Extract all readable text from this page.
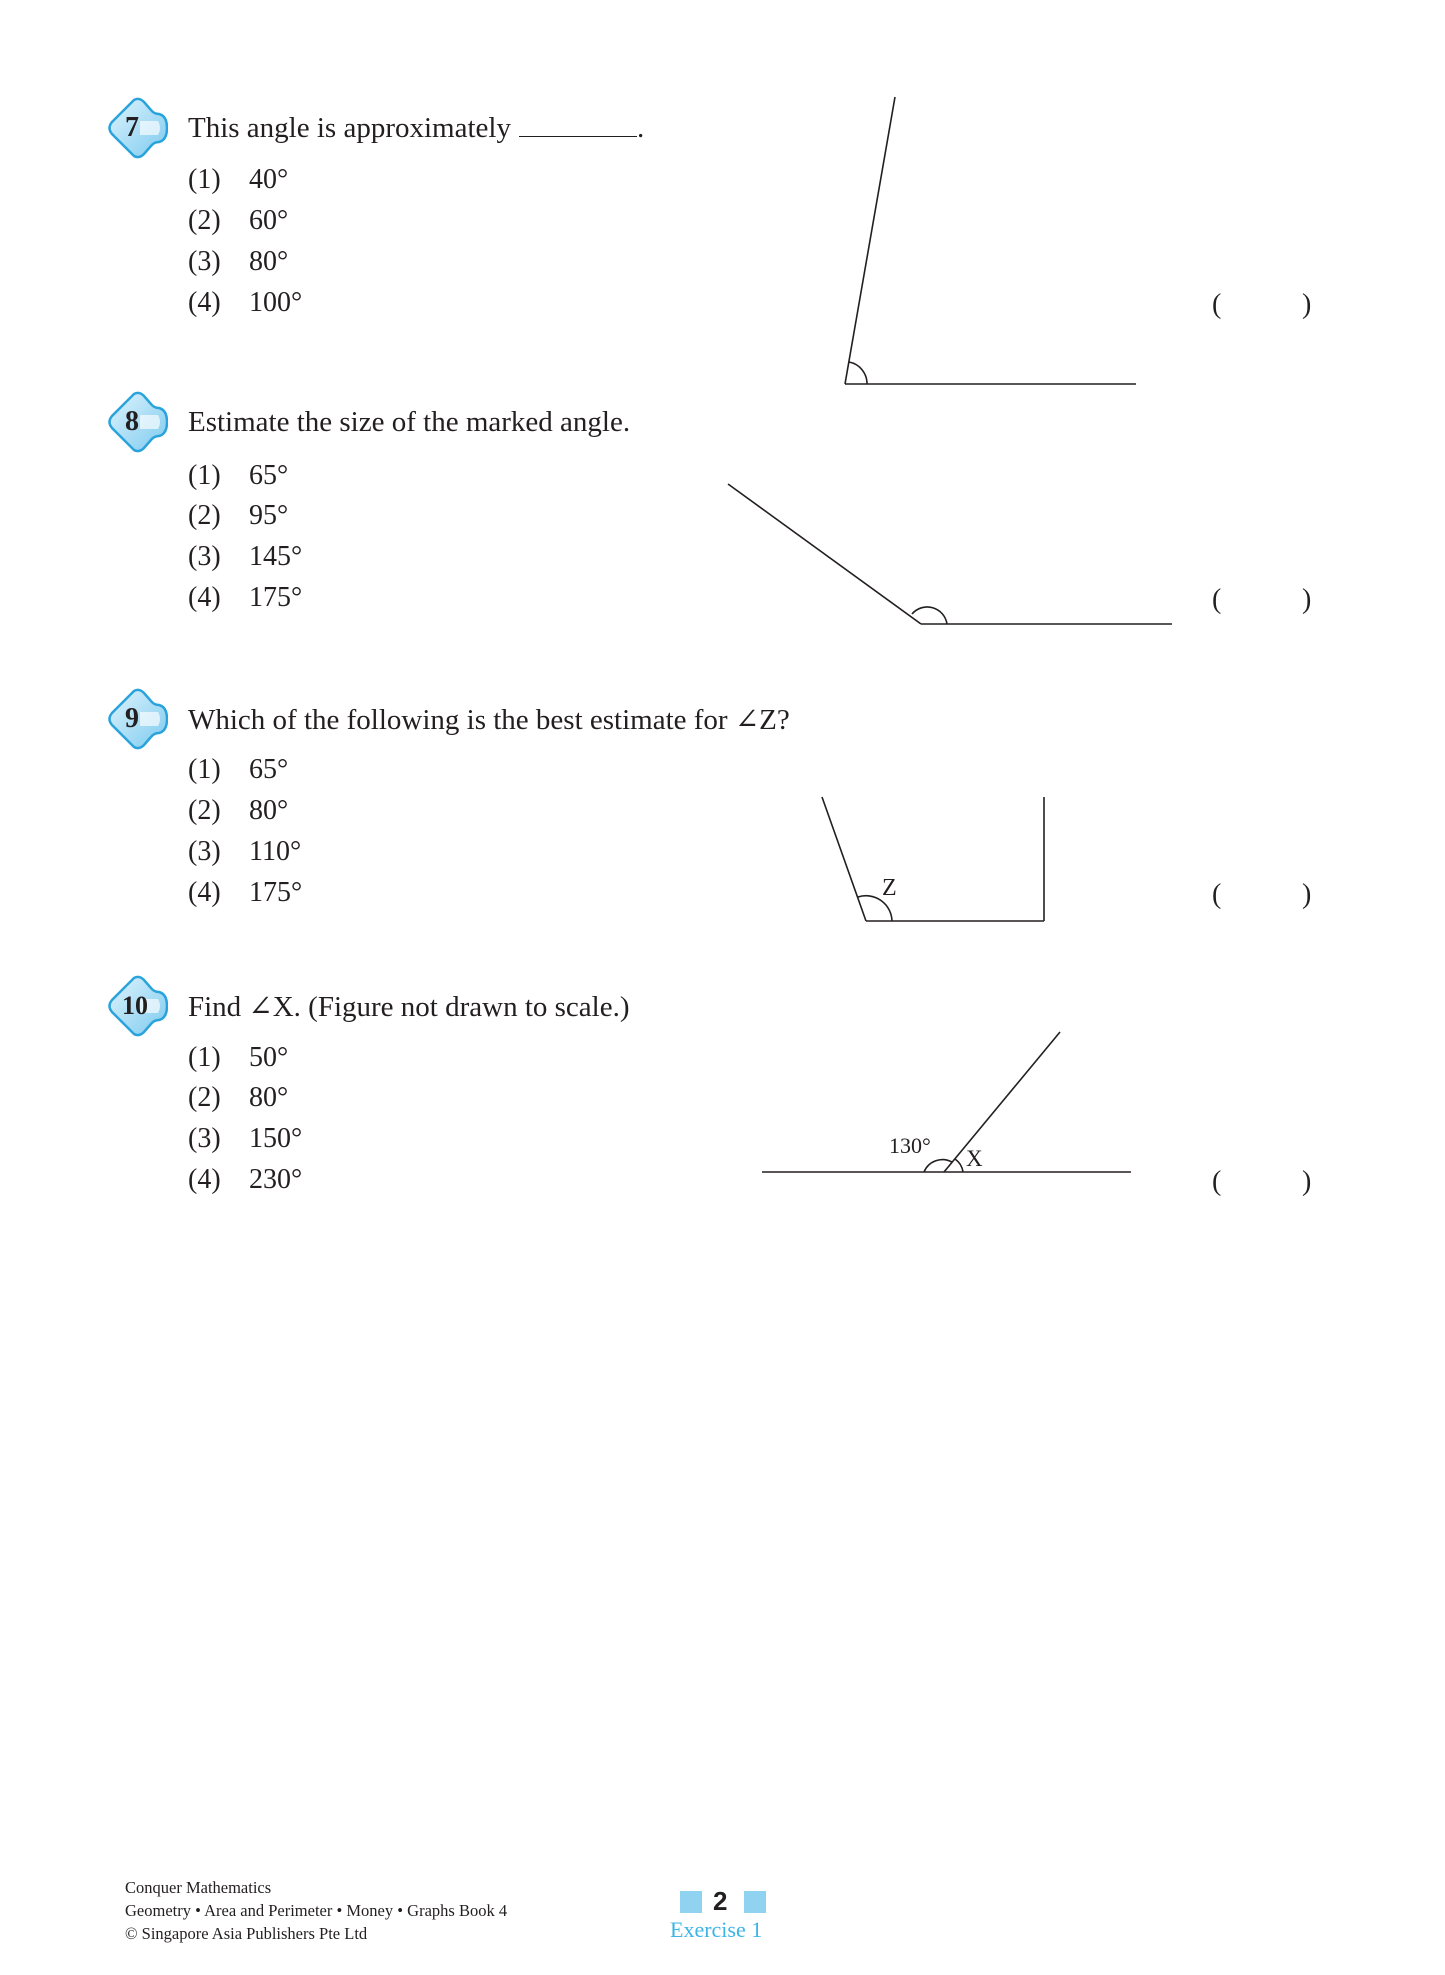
7	This angle is approximately	.
(1) 40°
(2) 60°
(3) 80°
(4) 100°	(	)
8	Estimate the size of the marked angle.
(1) 65°
(2) 95°
(3) 145°
(4) 175°	(	)
9	Which of the following is the best estimate for ∠Z?
(1) 65°
(2) 80°
(3) 110°
(4) 175°	Z	(	)
10	Find ∠X. (Figure not drawn to scale.)
(1) 50°
(2) 80°
(3) 150°
(4) 230°
130°
X
(	)
Conquer Mathematics
Geometry • Area and Perimeter • Money • Graphs Book 4
© Singapore Asia Publishers Pte Ltd
2
Exercise 1
